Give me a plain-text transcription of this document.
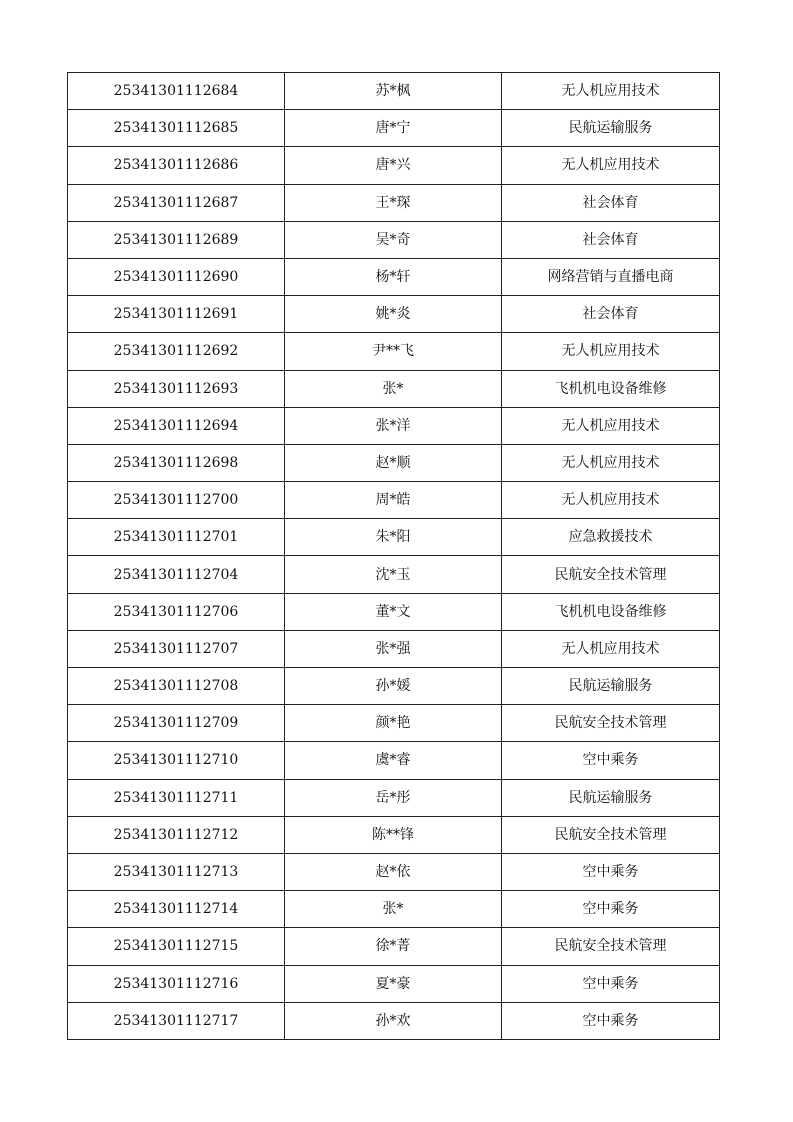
25341301112684	苏*枫	无人机应用技术
25341301112685	唐*宁	民航运输服务
25341301112686	唐*兴	无人机应用技术
25341301112687	王*琛	社会体育
25341301112689	吴*奇	社会体育
25341301112690	杨*轩	网络营销与直播电商
25341301112691	姚*炎	社会体育
25341301112692	尹**飞	无人机应用技术
25341301112693	张*	飞机机电设备维修
25341301112694	张*洋	无人机应用技术
25341301112698	赵*顺	无人机应用技术
25341301112700	周*皓	无人机应用技术
25341301112701	朱*阳	应急救援技术
25341301112704	沈*玉	民航安全技术管理
25341301112706	董*文	飞机机电设备维修
25341301112707	张*强	无人机应用技术
25341301112708	孙*媛	民航运输服务
25341301112709	颜*艳	民航安全技术管理
25341301112710	虞*睿	空中乘务
25341301112711	岳*彤	民航运输服务
25341301112712	陈**锋	民航安全技术管理
25341301112713	赵*依	空中乘务
25341301112714	张*	空中乘务
25341301112715	徐*菁	民航安全技术管理
25341301112716	夏*豪	空中乘务
25341301112717	孙*欢	空中乘务
